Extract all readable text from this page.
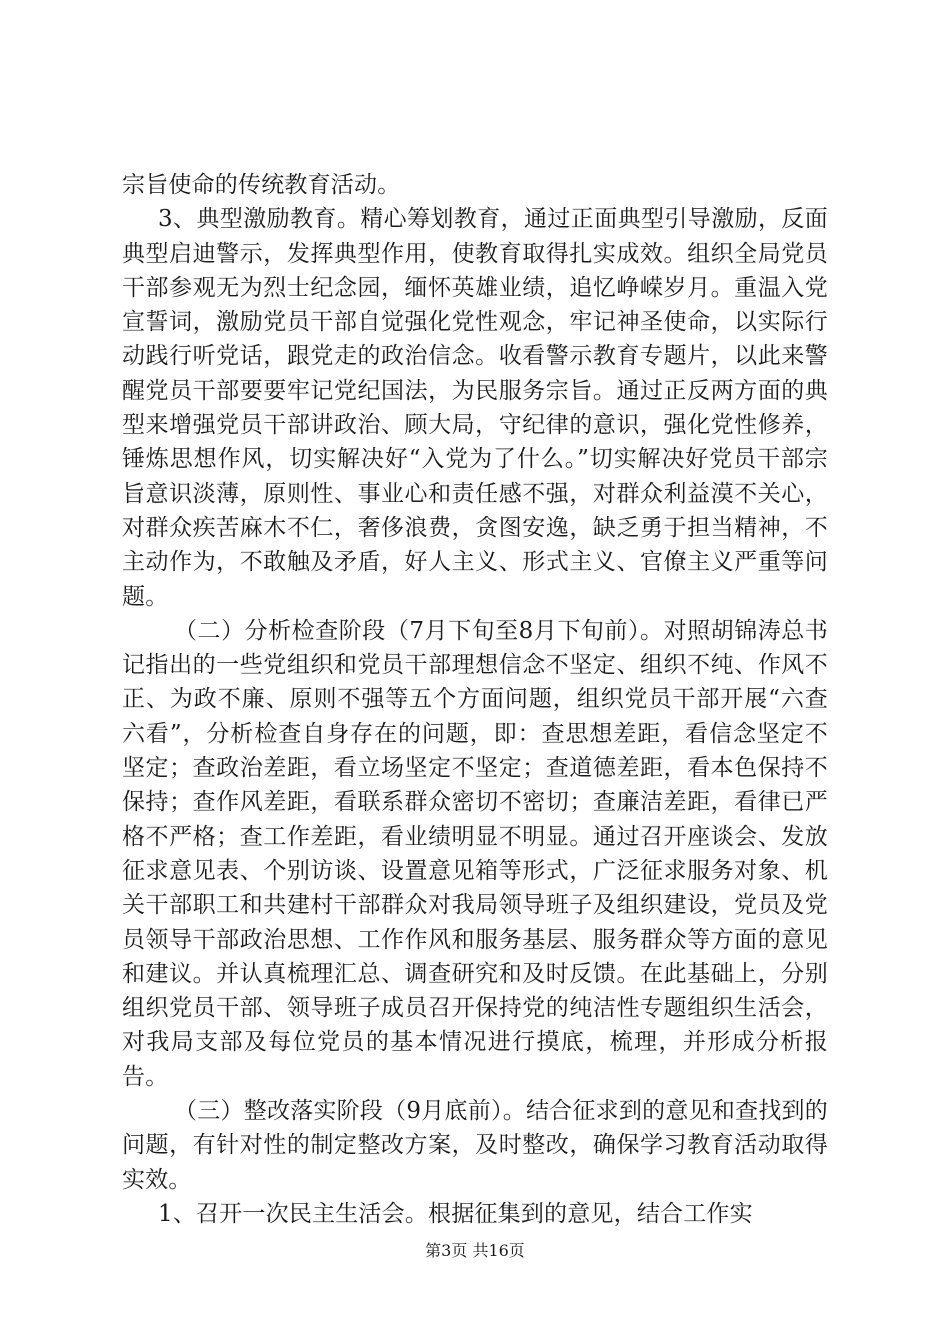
宗旨使命的传统教育活动。

3、典型激励教育。精心筹划教育，通过正面典型引导激励，反面典型启迪警示，发挥典型作用，使教育取得扎实成效。组织全局党员干部参观无为烈士纪念园，缅怀英雄业绩，追忆峥嵘岁月。重温入党宣誓词，激励党员干部自觉强化党性观念，牢记神圣使命，以实际行动践行听党话，跟党走的政治信念。收看警示教育专题片，以此来警醒党员干部要要牢记党纪国法，为民服务宗旨。通过正反两方面的典型来增强党员干部讲政治、顾大局，守纪律的意识，强化党性修养，锤炼思想作风，切实解决好“入党为了什么。”切实解决好党员干部宗旨意识淡薄，原则性、事业心和责任感不强，对群众利益漠不关心，对群众疾苦麻木不仁，奢侈浪费，贪图安逸，缺乏勇于担当精神，不主动作为，不敢触及矛盾，好人主义、形式主义、官僚主义严重等问题。

（二）分析检查阶段（7月下旬至8月下旬前）。对照胡锦涛总书记指出的一些党组织和党员干部理想信念不坚定、组织不纯、作风不正、为政不廉、原则不强等五个方面问题，组织党员干部开展“六查六看”，分析检查自身存在的问题，即：查思想差距，看信念坚定不坚定；查政治差距，看立场坚定不坚定；查道德差距，看本色保持不保持；查作风差距，看联系群众密切不密切；查廉洁差距，看律已严格不严格；查工作差距，看业绩明显不明显。通过召开座谈会、发放征求意见表、个别访谈、设置意见箱等形式，广泛征求服务对象、机关干部职工和共建村干部群众对我局领导班子及组织建设，党员及党员领导干部政治思想、工作作风和服务基层、服务群众等方面的意见和建议。并认真梳理汇总、调查研究和及时反馈。在此基础上，分别组织党员干部、领导班子成员召开保持党的纯洁性专题组织生活会，对我局支部及每位党员的基本情况进行摸底，梳理，并形成分析报告。

（三）整改落实阶段（9月底前）。结合征求到的意见和查找到的问题，有针对性的制定整改方案，及时整改，确保学习教育活动取得实效。

1、召开一次民主生活会。根据征集到的意见，结合工作实

第3页 共16页
